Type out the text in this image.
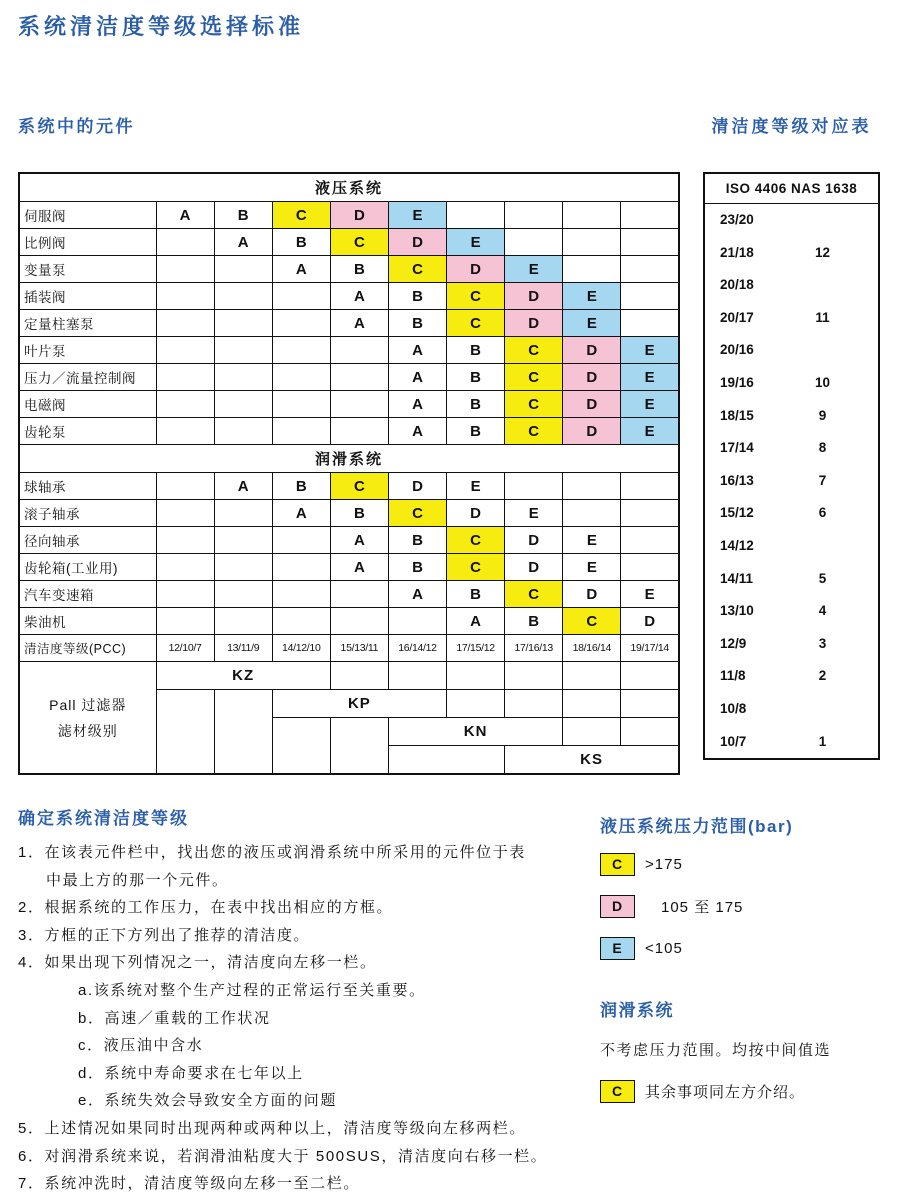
系统清洁度等级选择标准
系统中的元件	清洁度等级对应表
液压系统									
伺服阀	A	B	C	D	E				
比例阀		A	B	C	D	E			
变量泵			A	B	C	D	E		
插装阀				A	B	C	D	E	
定量柱塞泵				A	B	C	D	E	
叶片泵					A	B	C	D	E
压力／流量控制阀					A	B	C	D	E
电磁阀					A	B	C	D	E
齿轮泵					A	B	C	D	E
润滑系统									
球轴承		A	B	C	D	E			
滚子轴承			A	B	C	D	E		
径向轴承				A	B	C	D	E	
齿轮箱(工业用)				A	B	C	D	E	
汽车变速箱					A	B	C	D	E
柴油机						A	B	C	D
清洁度等级(PCC)	12/10/7	13/11/9	14/12/10	15/13/11	16/14/12	17/15/12	17/16/13	18/16/14	19/17/14

Pall 过滤器
滤材级别	KZ								
			KP						
					KN				
							KS		
ISO 4406 NAS 1638
23/20
21/18	12
20/18
20/17	11
20/16
19/16	10
18/15	9
17/14	8
16/13	7
15/12	6
14/12
14/11	5
13/10	4
12/9	3
11/8	2
10/8
10/7	1
确定系统清洁度等级
1．在该表元件栏中，找出您的液压或润滑系统中所采用的元件位于表
中最上方的那一个元件。
2．根据系统的工作压力，在表中找出相应的方框。
3．方框的正下方列出了推荐的清洁度。
4．如果出现下列情况之一，清洁度向左移一栏。
a.该系统对整个生产过程的正常运行至关重要。
b．高速／重载的工作状况
c．液压油中含水
d．系统中寿命要求在七年以上
e．系统失效会导致安全方面的问题
5．上述情况如果同时出现两种或两种以上，清洁度等级向左移两栏。
6．对润滑系统来说，若润滑油粘度大于 500SUS，清洁度向右移一栏。
7．系统冲洗时，清洁度等级向左移一至二栏。
液压系统压力范围(bar)
C	>175
D	105 至 175
E	<105
润滑系统
不考虑压力范围。均按中间值选
C	其余事项同左方介绍。
